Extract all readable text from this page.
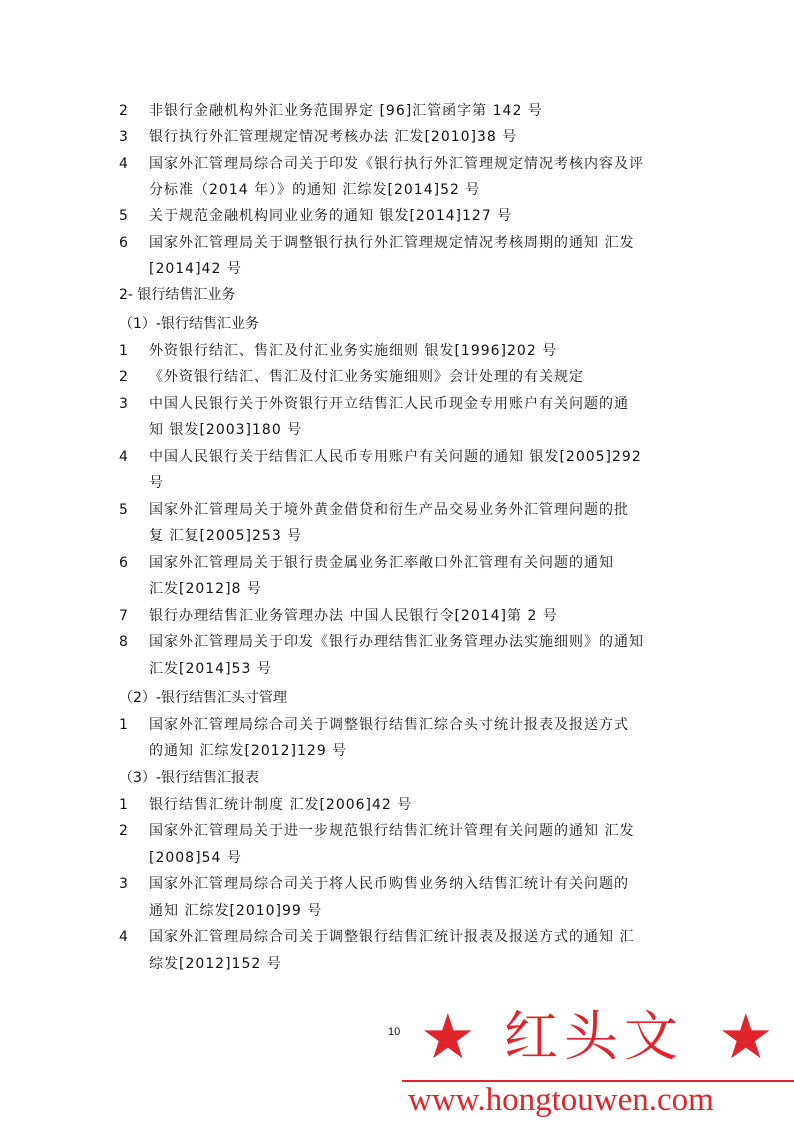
2	非银行金融机构外汇业务范围界定 [96]汇管函字第 142 号
3	银行执行外汇管理规定情况考核办法 汇发[2010]38 号
4	国家外汇管理局综合司关于印发《银行执行外汇管理规定情况考核内容及评
分标准（2014 年）》的通知 汇综发[2014]52 号
5	关于规范金融机构同业业务的通知 银发[2014]127 号
6	国家外汇管理局关于调整银行执行外汇管理规定情况考核周期的通知 汇发
[2014]42 号
2- 银行结售汇业务
（1）-银行结售汇业务
1	外资银行结汇、售汇及付汇业务实施细则 银发[1996]202 号
2	《外资银行结汇、售汇及付汇业务实施细则》会计处理的有关规定
3	中国人民银行关于外资银行开立结售汇人民币现金专用账户有关问题的通
知 银发[2003]180 号
4	中国人民银行关于结售汇人民币专用账户有关问题的通知 银发[2005]292
号
5	国家外汇管理局关于境外黄金借贷和衍生产品交易业务外汇管理问题的批
复 汇复[2005]253 号
6	国家外汇管理局关于银行贵金属业务汇率敞口外汇管理有关问题的通知
汇发[2012]8 号
7	银行办理结售汇业务管理办法 中国人民银行令[2014]第 2 号
8	国家外汇管理局关于印发《银行办理结售汇业务管理办法实施细则》的通知
汇发[2014]53 号
（2）-银行结售汇头寸管理
1	国家外汇管理局综合司关于调整银行结售汇综合头寸统计报表及报送方式
的通知 汇综发[2012]129 号
（3）-银行结售汇报表
1	银行结售汇统计制度 汇发[2006]42 号
2	国家外汇管理局关于进一步规范银行结售汇统计管理有关问题的通知 汇发
[2008]54 号
3	国家外汇管理局综合司关于将人民币购售业务纳入结售汇统计有关问题的
通知 汇综发[2010]99 号
4	国家外汇管理局综合司关于调整银行结售汇统计报表及报送方式的通知 汇
综发[2012]152 号
10 ★ 红头文 ★
www.hongtouwen.com
